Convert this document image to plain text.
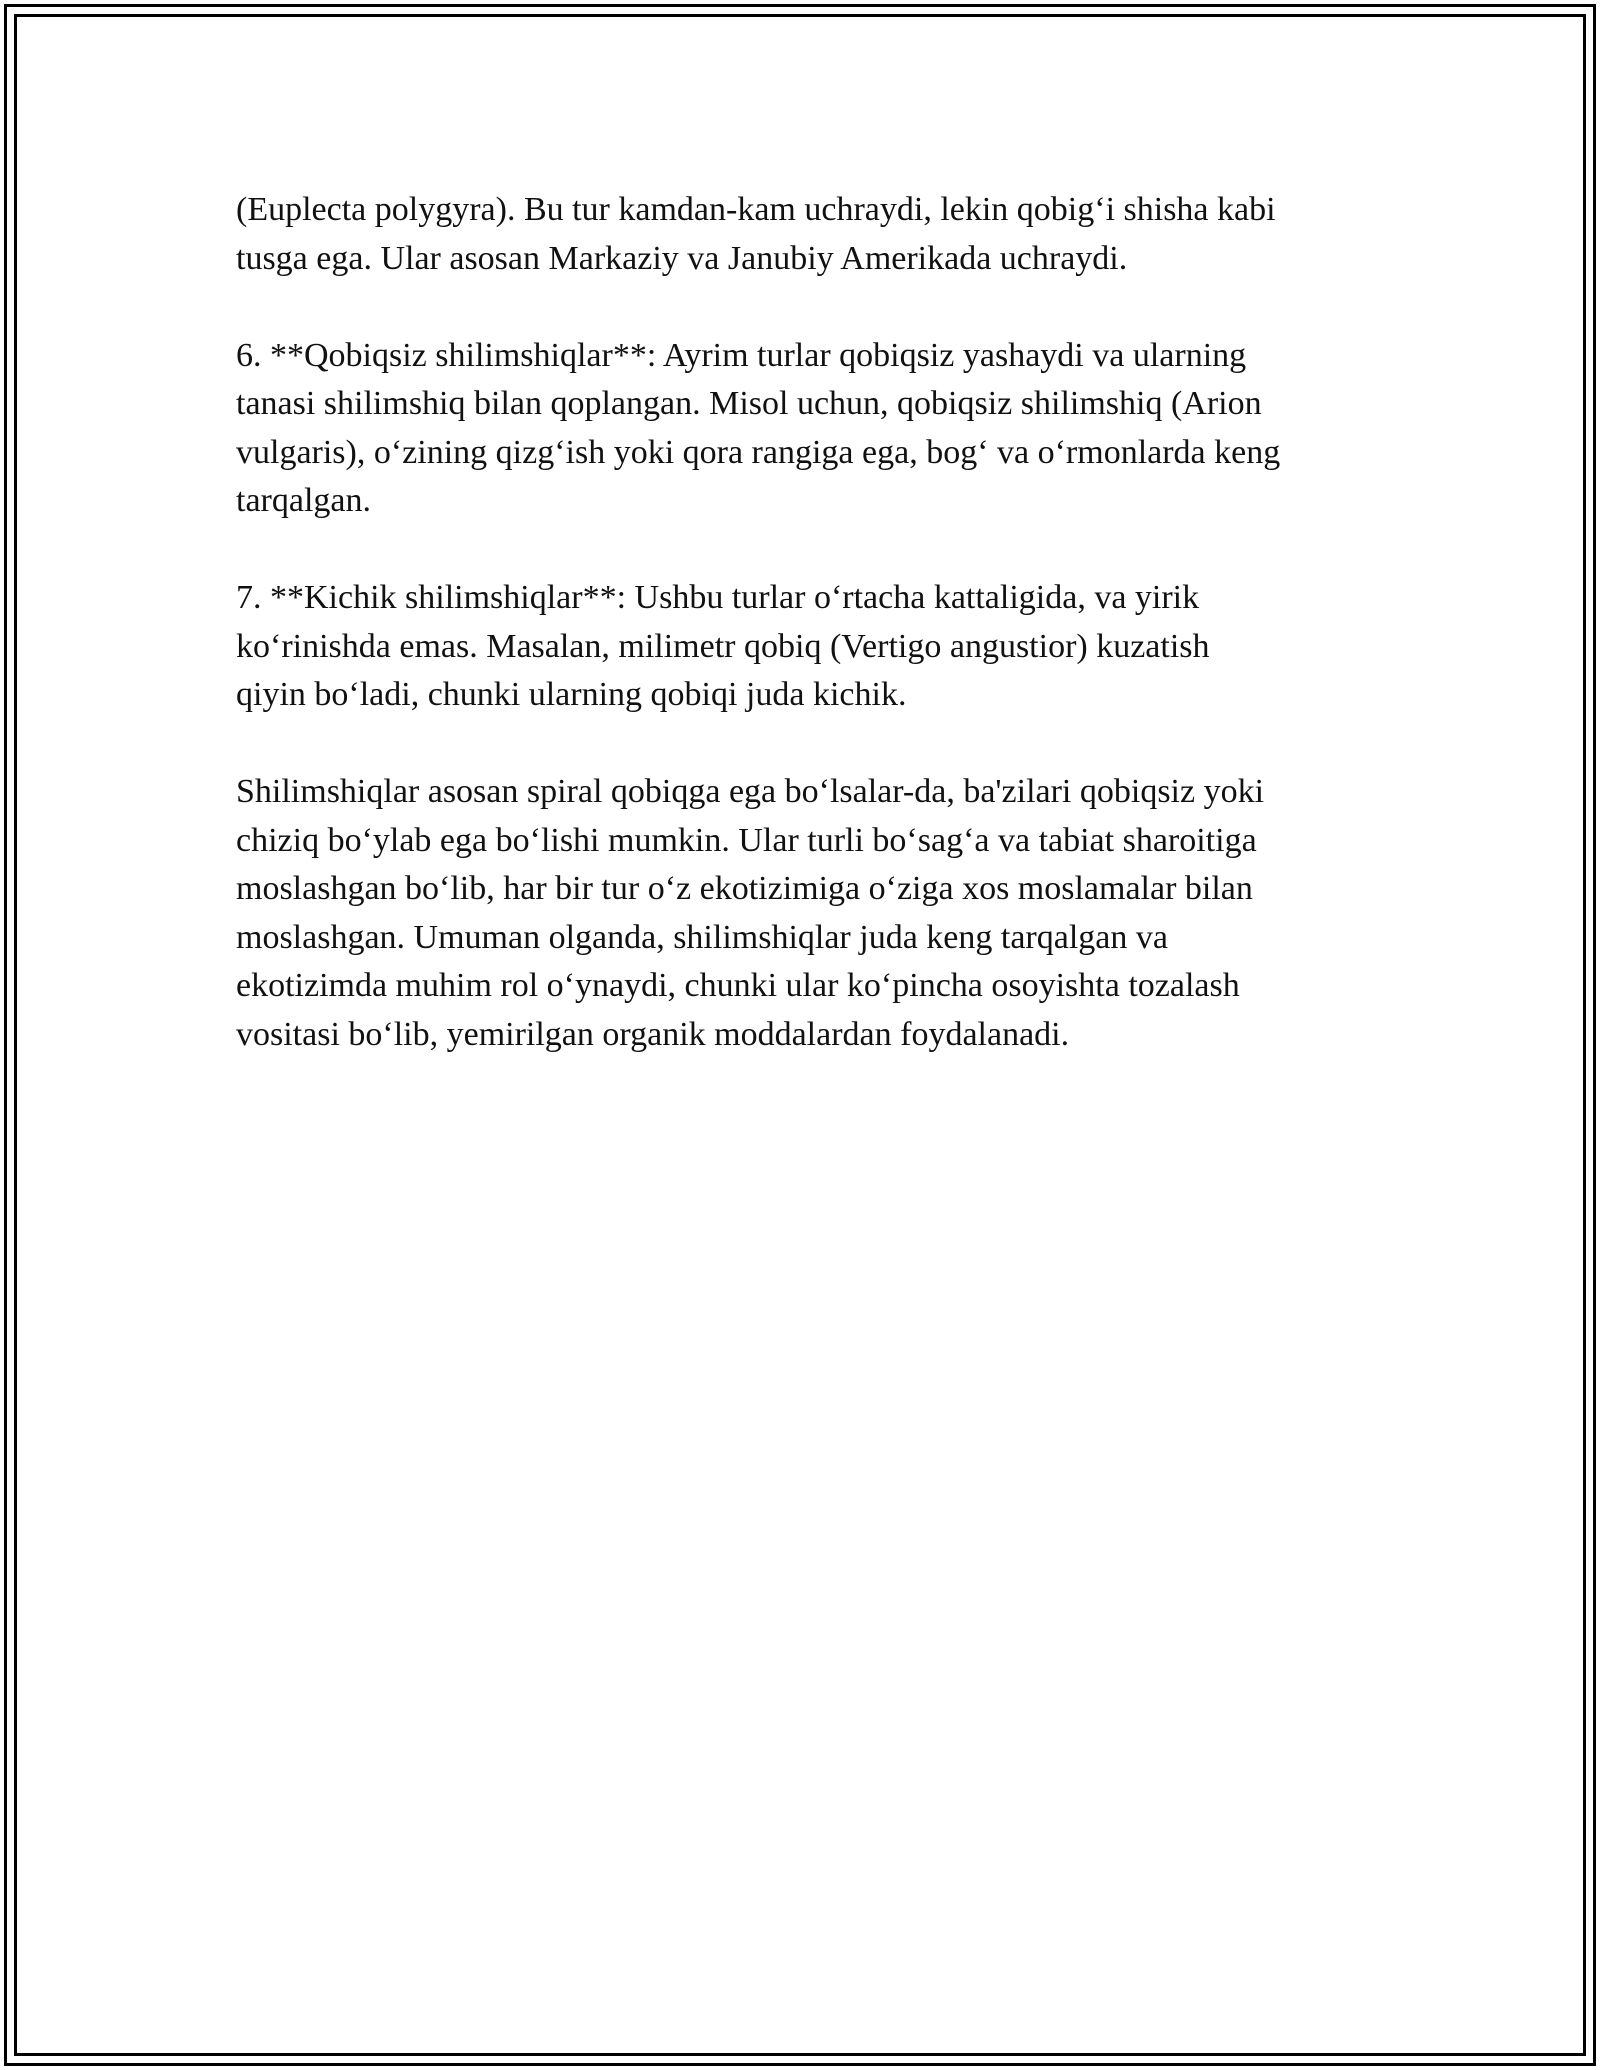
(Euplecta polygyra). Bu tur kamdan-kam uchraydi, lekin qobig‘i shisha kabi
tusga ega. Ular asosan Markaziy va Janubiy Amerikada uchraydi.

6. **Qobiqsiz shilimshiqlar**: Ayrim turlar qobiqsiz yashaydi va ularning
tanasi shilimshiq bilan qoplangan. Misol uchun, qobiqsiz shilimshiq (Arion
vulgaris), o‘zining qizg‘ish yoki qora rangiga ega, bog‘ va o‘rmonlarda keng
tarqalgan.

7. **Kichik shilimshiqlar**: Ushbu turlar o‘rtacha kattaligida, va yirik
ko‘rinishda emas. Masalan, milimetr qobiq (Vertigo angustior) kuzatish
qiyin bo‘ladi, chunki ularning qobiqi juda kichik.

Shilimshiqlar asosan spiral qobiqga ega bo‘lsalar-da, ba'zilari qobiqsiz yoki
chiziq bo‘ylab ega bo‘lishi mumkin. Ular turli bo‘sag‘a va tabiat sharoitiga
moslashgan bo‘lib, har bir tur o‘z ekotizimiga o‘ziga xos moslamalar bilan
moslashgan. Umuman olganda, shilimshiqlar juda keng tarqalgan va
ekotizimda muhim rol o‘ynaydi, chunki ular ko‘pincha osoyishta tozalash
vositasi bo‘lib, yemirilgan organik moddalardan foydalanadi.
